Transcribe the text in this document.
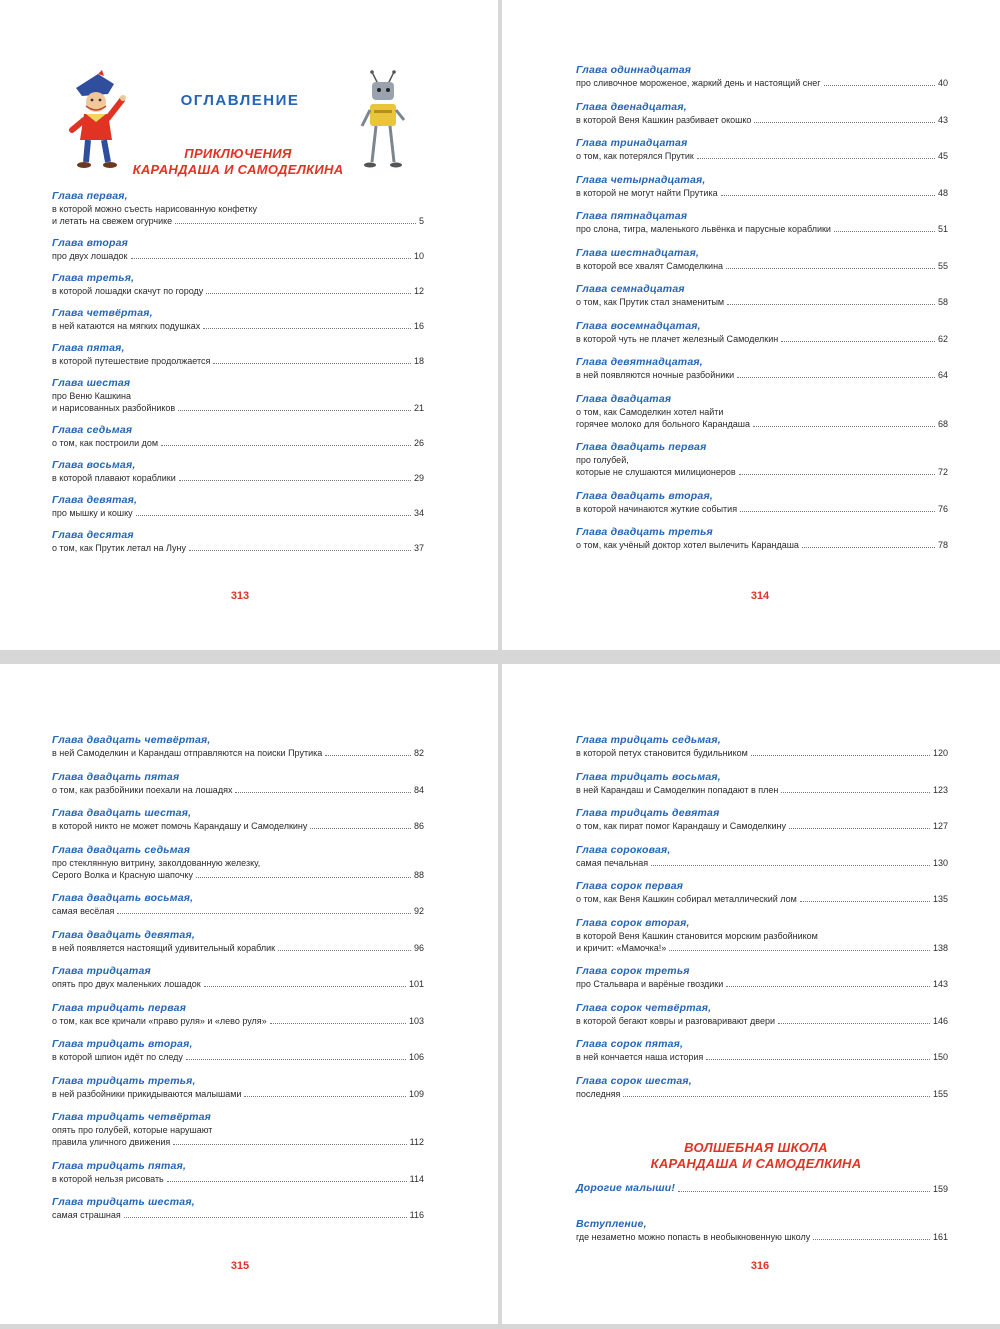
ОГЛАВЛЕНИЕ
ПРИКЛЮЧЕНИЯ
КАРАНДАША И САМОДЕЛКИНА
Глава первая,
в которой можно съесть нарисованную конфетку
и летать на свежем огурчике	5
Глава вторая
про двух лошадок	10
Глава третья,
в которой лошадки скачут по городу	12
Глава четвёртая,
в ней катаются на мягких подушках	16
Глава пятая,
в которой путешествие продолжается	18
Глава шестая
про Веню Кашкина
и нарисованных разбойников	21
Глава седьмая
о том, как построили дом	26
Глава восьмая,
в которой плавают кораблики	29
Глава девятая,
про мышку и кошку	34
Глава десятая
о том, как Прутик летал на Луну	37
313
Глава одиннадцатая
про сливочное мороженое, жаркий день и настоящий снег	40
Глава двенадцатая,
в которой Веня Кашкин разбивает окошко	43
Глава тринадцатая
о том, как потерялся Прутик	45
Глава четырнадцатая,
в которой не могут найти Прутика	48
Глава пятнадцатая
про слона, тигра, маленького львёнка и парусные кораблики	51
Глава шестнадцатая,
в которой все хвалят Самоделкина	55
Глава семнадцатая
о том, как Прутик стал знаменитым	58
Глава восемнадцатая,
в которой чуть не плачет железный Самоделкин	62
Глава девятнадцатая,
в ней появляются ночные разбойники	64
Глава двадцатая
о том, как Самоделкин хотел найти
горячее молоко для больного Карандаша	68
Глава двадцать первая
про голубей,
которые не слушаются милиционеров	72
Глава двадцать вторая,
в которой начинаются жуткие события	76
Глава двадцать третья
о том, как учёный доктор хотел вылечить Карандаша	78
314
Глава двадцать четвёртая,
в ней Самоделкин и Карандаш отправляются на поиски Прутика	82
Глава двадцать пятая
о том, как разбойники поехали на лошадях	84
Глава двадцать шестая,
в которой никто не может помочь Карандашу и Самоделкину	86
Глава двадцать седьмая
про стеклянную витрину, заколдованную железку,
Серого Волка и Красную шапочку	88
Глава двадцать восьмая,
самая весёлая	92
Глава двадцать девятая,
в ней появляется настоящий удивительный кораблик	96
Глава тридцатая
опять про двух маленьких лошадок	101
Глава тридцать первая
о том, как все кричали «право руля» и «лево руля»	103
Глава тридцать вторая,
в которой шпион идёт по следу	106
Глава тридцать третья,
в ней разбойники прикидываются малышами	109
Глава тридцать четвёртая
опять про голубей, которые нарушают
правила уличного движения	112
Глава тридцать пятая,
в которой нельзя рисовать	114
Глава тридцать шестая,
самая страшная	116
315
Глава тридцать седьмая,
в которой петух становится будильником	120
Глава тридцать восьмая,
в ней Карандаш и Самоделкин попадают в плен	123
Глава тридцать девятая
о том, как пират помог Карандашу и Самоделкину	127
Глава сороковая,
самая печальная	130
Глава сорок первая
о том, как Веня Кашкин собирал металлический лом	135
Глава сорок вторая,
в которой Веня Кашкин становится морским разбойником
и кричит: «Мамочка!»	138
Глава сорок третья
про Стальвара и варёные гвоздики	143
Глава сорок четвёртая,
в которой бегают ковры и разговаривают двери	146
Глава сорок пятая,
в ней кончается наша история	150
Глава сорок шестая,
последняя	155
ВОЛШЕБНАЯ ШКОЛА
КАРАНДАША И САМОДЕЛКИНА
Дорогие малыши!	159
Вступление,
где незаметно можно попасть в необыкновенную школу	161
316
